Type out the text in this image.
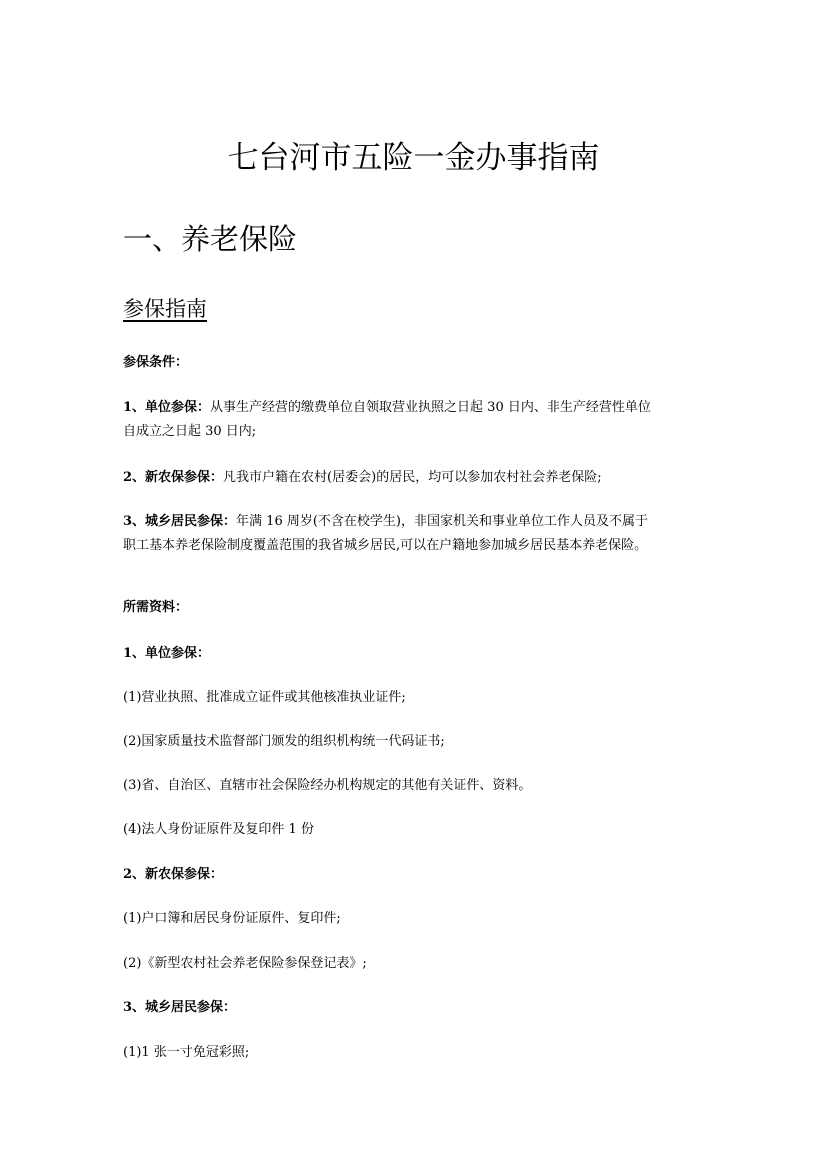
七台河市五险一金办事指南
一、养老保险
参保指南
参保条件：
1、单位参保：从事生产经营的缴费单位自领取营业执照之日起 30 日内、非生产经营性单位
自成立之日起 30 日内;
2、新农保参保：凡我市户籍在农村(居委会)的居民，均可以参加农村社会养老保险;
3、城乡居民参保：年满 16 周岁(不含在校学生)，非国家机关和事业单位工作人员及不属于
职工基本养老保险制度覆盖范围的我省城乡居民,可以在户籍地参加城乡居民基本养老保险。
所需资料：
1、单位参保：
(1)营业执照、批准成立证件或其他核准执业证件;
(2)国家质量技术监督部门颁发的组织机构统一代码证书;
(3)省、自治区、直辖市社会保险经办机构规定的其他有关证件、资料。
(4)法人身份证原件及复印件 1 份
2、新农保参保：
(1)户口簿和居民身份证原件、复印件;
(2)《新型农村社会养老保险参保登记表》;
3、城乡居民参保：
(1)1 张一寸免冠彩照;
